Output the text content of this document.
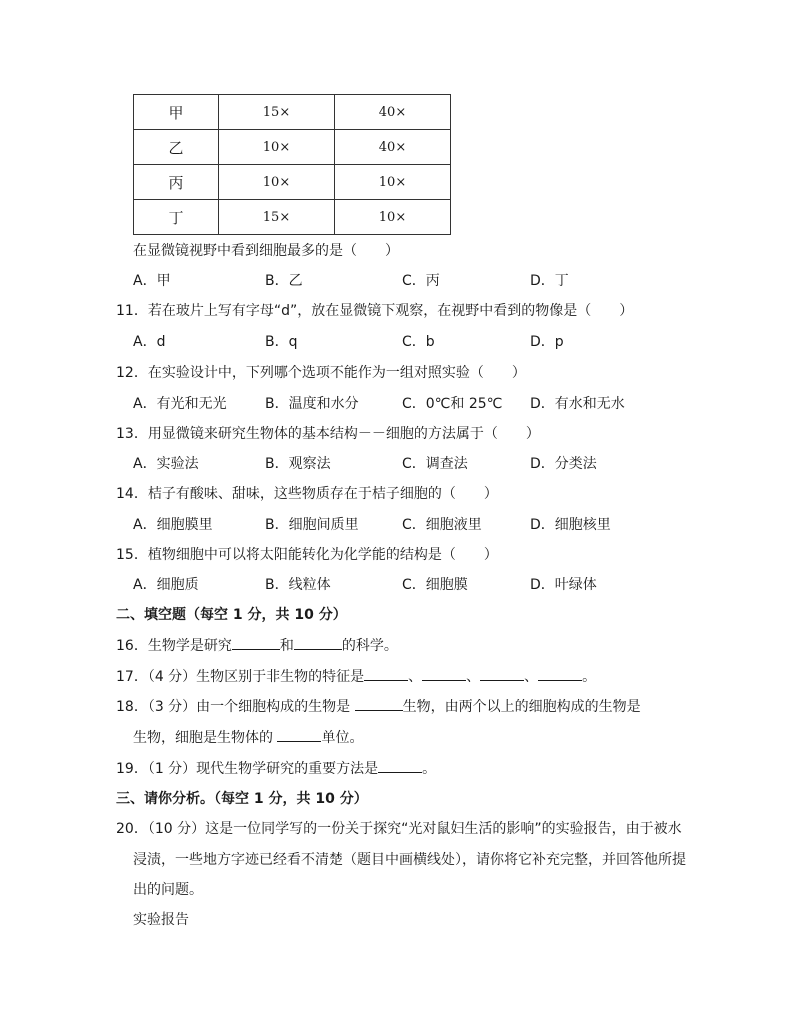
甲	15×	40×
乙	10×	40×
丙	10×	10×
丁	15×	10×
在显微镜视野中看到细胞最多的是（　　）
A．甲	B．乙	C．丙	D．丁
11．若在玻片上写有字母“d”，放在显微镜下观察，在视野中看到的物像是（　　）
A．d	B．q	C．b	D．p
12．在实验设计中，下列哪个选项不能作为一组对照实验（　　）
A．有光和无光	B．温度和水分	C．0℃和 25℃ D．有水和无水
13．用显微镜来研究生物体的基本结构－－细胞的方法属于（　　）
A．实验法	B．观察法	C．调查法	D．分类法
14．桔子有酸味、甜味，这些物质存在于桔子细胞的（　　）
A．细胞膜里	B．细胞间质里	C．细胞液里	D．细胞核里
15．植物细胞中可以将太阳能转化为化学能的结构是（　　）
A．细胞质	B．线粒体	C．细胞膜	D．叶绿体
二、填空题（每空 1 分，共 10 分）
16．生物学是研究	和	的科学。
17．（4 分）生物区别于非生物的特征是	、	、	、	。
18．（3 分）由一个细胞构成的生物是	生物，由两个以上的细胞构成的生物是
生物，细胞是生物体的	单位。
19．（1 分）现代生物学研究的重要方法是	。
三、请你分析。（每空 1 分，共 10 分）
20．（10 分）这是一位同学写的一份关于探究“光对鼠妇生活的影响”的实验报告，由于被水
浸渍，一些地方字迹已经看不清楚（题目中画横线处），请你将它补充完整，并回答他所提
出的问题。
实验报告
